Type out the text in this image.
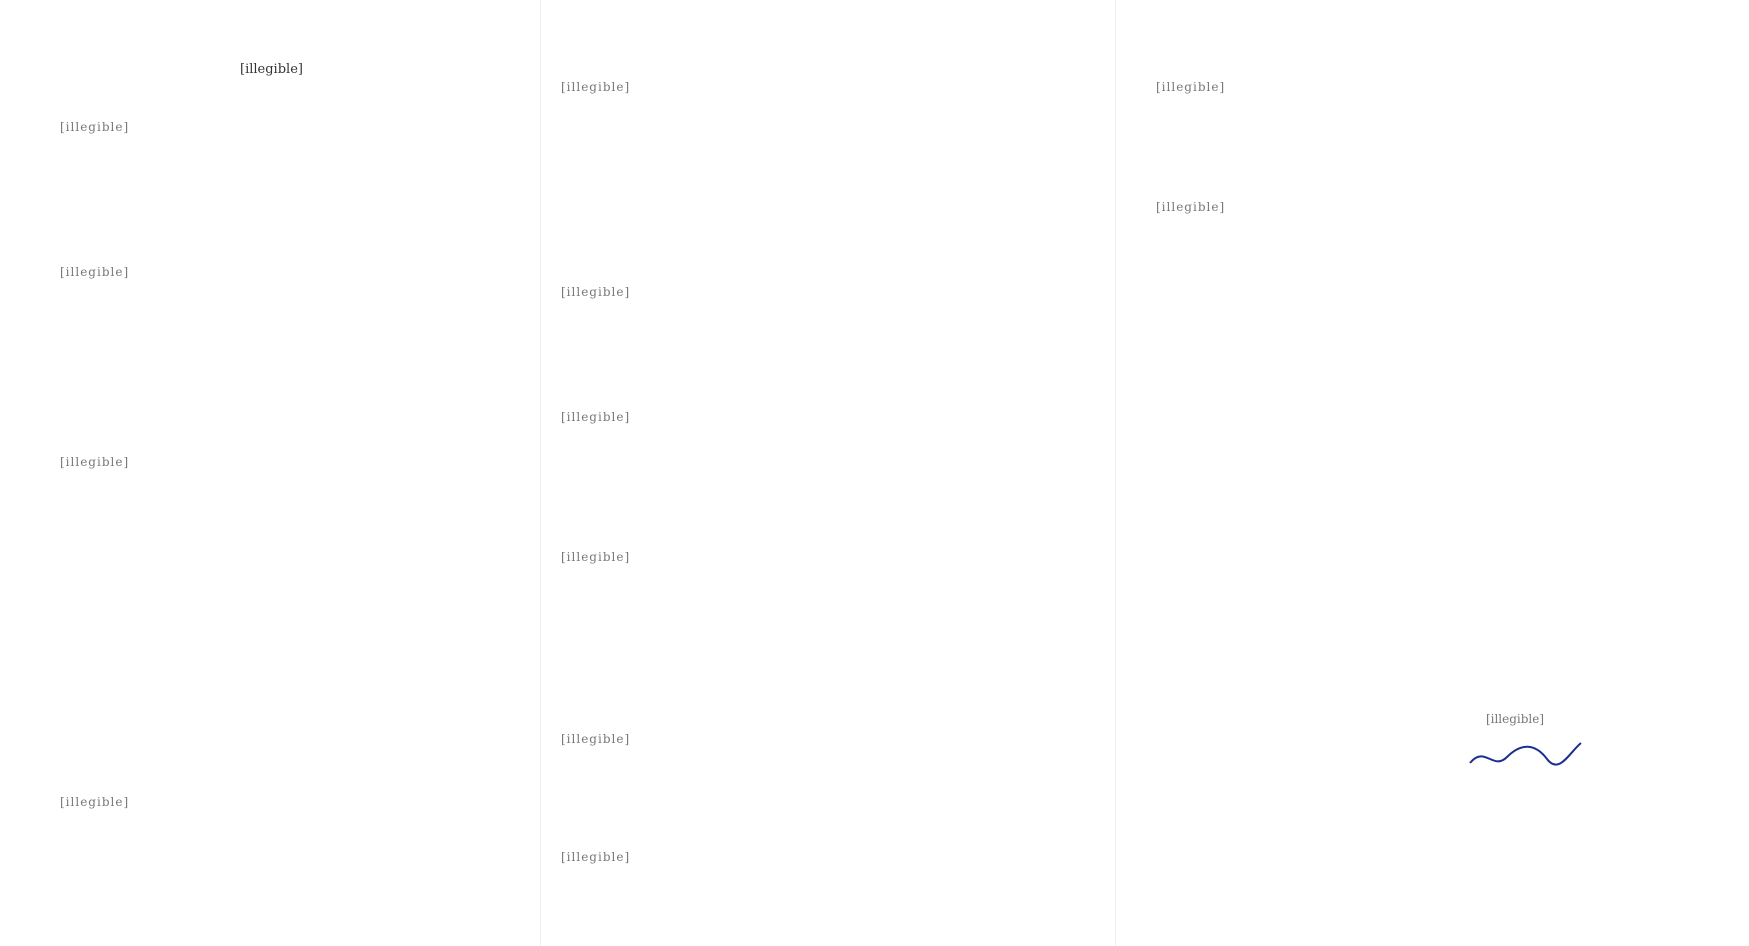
[illegible]
[illegible]
[illegible]
[illegible]
[illegible]
[illegible]
[illegible]
[illegible]
[illegible]
[illegible]
[illegible]
[illegible]
[illegible]
[illegible]
